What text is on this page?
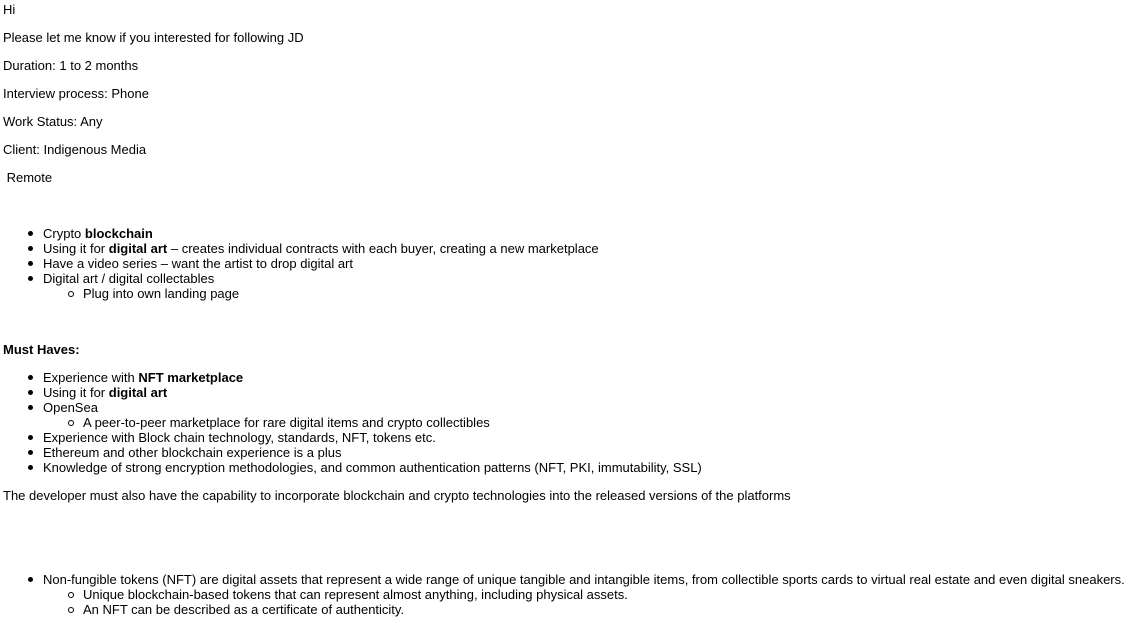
Hi

Please let me know if you interested for following JD

Duration: 1 to 2 months

Interview process: Phone

Work Status: Any

Client: Indigenous Media

Remote

Crypto blockchain
Using it for digital art – creates individual contracts with each buyer, creating a new marketplace
Have a video series – want the artist to drop digital art
Digital art / digital collectables
Plug into own landing page

Must Haves:

Experience with NFT marketplace
Using it for digital art
OpenSea
A peer-to-peer marketplace for rare digital items and crypto collectibles
Experience with Block chain technology, standards, NFT, tokens etc.
Ethereum and other blockchain experience is a plus
Knowledge of strong encryption methodologies, and common authentication patterns (NFT, PKI, immutability, SSL)

The developer must also have the capability to incorporate blockchain and crypto technologies into the released versions of the platforms

Non-fungible tokens (NFT) are digital assets that represent a wide range of unique tangible and intangible items, from collectible sports cards to virtual real estate and even digital sneakers.
Unique blockchain-based tokens that can represent almost anything, including physical assets.
An NFT can be described as a certificate of authenticity.
